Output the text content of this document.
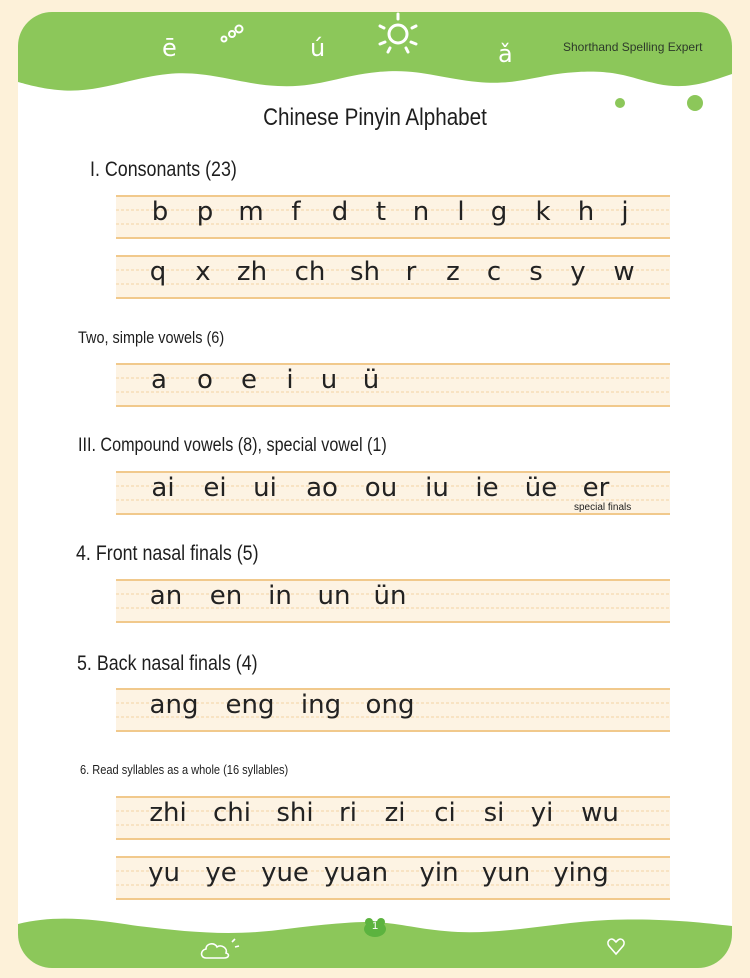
ē	ú	ǎ	Shorthand Spelling Expert
1
Chinese Pinyin Alphabet
I. Consonants (23)
Two, simple vowels (6)
III. Compound vowels (8), special vowel (1)
4. Front nasal finals (5)
5. Back nasal finals (4)
6. Read syllables as a whole (16 syllables)
b p m f d t n l g k h j
q x zh ch sh r z c s y w
a o e i u ü
ai ei ui ao ou iu ie üe er
an en in un ün
ang eng ing ong
zhi chi shi ri zi ci si yi wu
yu ye yue yuan yin yun ying
special finals
